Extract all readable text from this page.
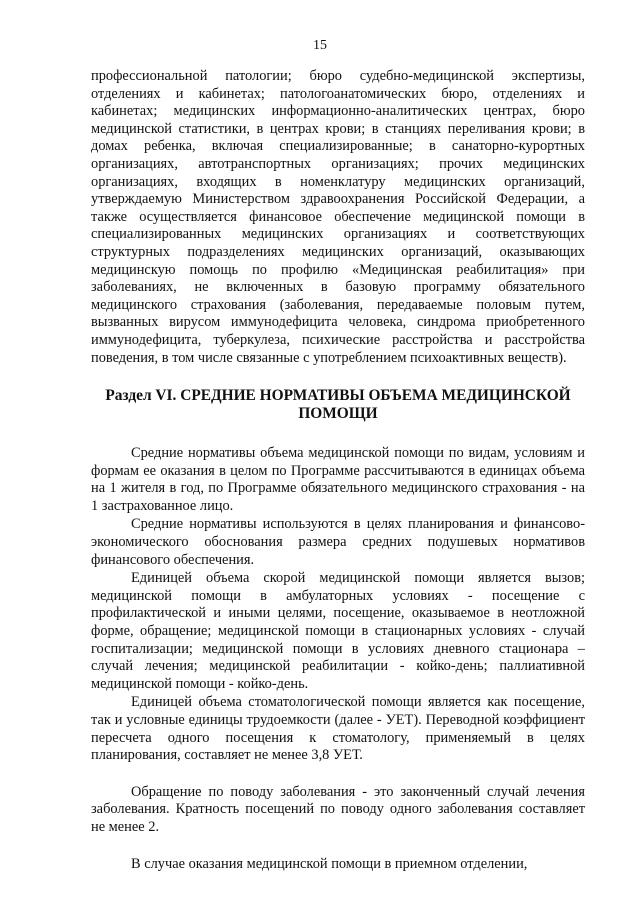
15

профессиональной патологии; бюро судебно-медицинской экспертизы, отделениях и кабинетах; патологоанатомических бюро, отделениях и кабинетах; медицинских информационно-аналитических центрах, бюро медицинской статистики, в центрах крови; в станциях переливания крови; в домах ребенка, включая специализированные; в санаторно-курортных организациях, автотранспортных организациях; прочих медицинских организациях, входящих в номенклатуру медицинских организаций, утверждаемую Министерством здравоохранения Российской Федерации, а также осуществляется финансовое обеспечение медицинской помощи в специализированных медицинских организациях и соответствующих структурных подразделениях медицинских организаций, оказывающих медицинскую помощь по профилю «Медицинская реабилитация» при заболеваниях, не включенных в базовую программу обязательного медицинского страхования (заболевания, передаваемые половым путем, вызванных вирусом иммунодефицита человека, синдрома приобретенного иммунодефицита, туберкулеза, психические расстройства и расстройства поведения, в том числе связанные с употреблением психоактивных веществ).

Раздел VI. СРЕДНИЕ НОРМАТИВЫ ОБЪЕМА МЕДИЦИНСКОЙ ПОМОЩИ

Средние нормативы объема медицинской помощи по видам, условиям и формам ее оказания в целом по Программе рассчитываются в единицах объема на 1 жителя в год, по Программе обязательного медицинского страхования - на 1 застрахованное лицо.

Средние нормативы используются в целях планирования и финансово-экономического обоснования размера средних подушевых нормативов финансового обеспечения.

Единицей объема скорой медицинской помощи является вызов; медицинской помощи в амбулаторных условиях - посещение с профилактической и иными целями, посещение, оказываемое в неотложной форме, обращение; медицинской помощи в стационарных условиях - случай госпитализации; медицинской помощи в условиях дневного стационара – случай лечения; медицинской реабилитации - койко-день; паллиативной медицинской помощи - койко-день.

Единицей объема стоматологической помощи является как посещение, так и условные единицы трудоемкости (далее - УЕТ). Переводной коэффициент пересчета одного посещения к стоматологу, применяемый в целях планирования, составляет не менее 3,8 УЕТ.

Обращение по поводу заболевания - это законченный случай лечения заболевания. Кратность посещений по поводу одного заболевания составляет не менее 2.

В случае оказания медицинской помощи в приемном отделении,
